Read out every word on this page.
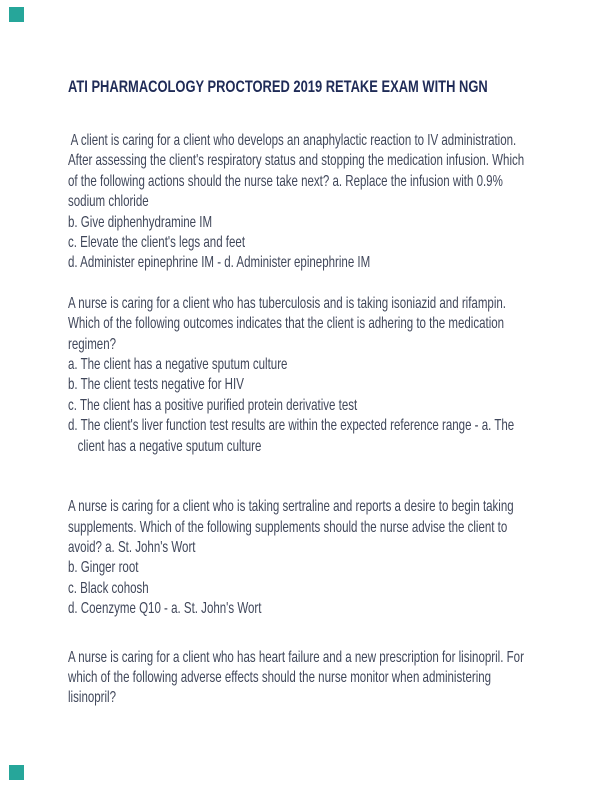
ATI PHARMACOLOGY PROCTORED 2019 RETAKE EXAM WITH NGN
A client is caring for a client who develops an anaphylactic reaction to IV administration.
After assessing the client's respiratory status and stopping the medication infusion. Which
of the following actions should the nurse take next? a. Replace the infusion with 0.9%
sodium chloride
b. Give diphenhydramine IM
c. Elevate the client's legs and feet
d. Administer epinephrine IM - d. Administer epinephrine IM
A nurse is caring for a client who has tuberculosis and is taking isoniazid and rifampin.
Which of the following outcomes indicates that the client is adhering to the medication
regimen?
a. The client has a negative sputum culture
b. The client tests negative for HIV
c. The client has a positive purified protein derivative test
d. The client's liver function test results are within the expected reference range - a. The
client has a negative sputum culture
A nurse is caring for a client who is taking sertraline and reports a desire to begin taking
supplements. Which of the following supplements should the nurse advise the client to
avoid? a. St. John's Wort
b. Ginger root
c. Black cohosh
d. Coenzyme Q10 - a. St. John's Wort
A nurse is caring for a client who has heart failure and a new prescription for lisinopril. For
which of the following adverse effects should the nurse monitor when administering
lisinopril?
